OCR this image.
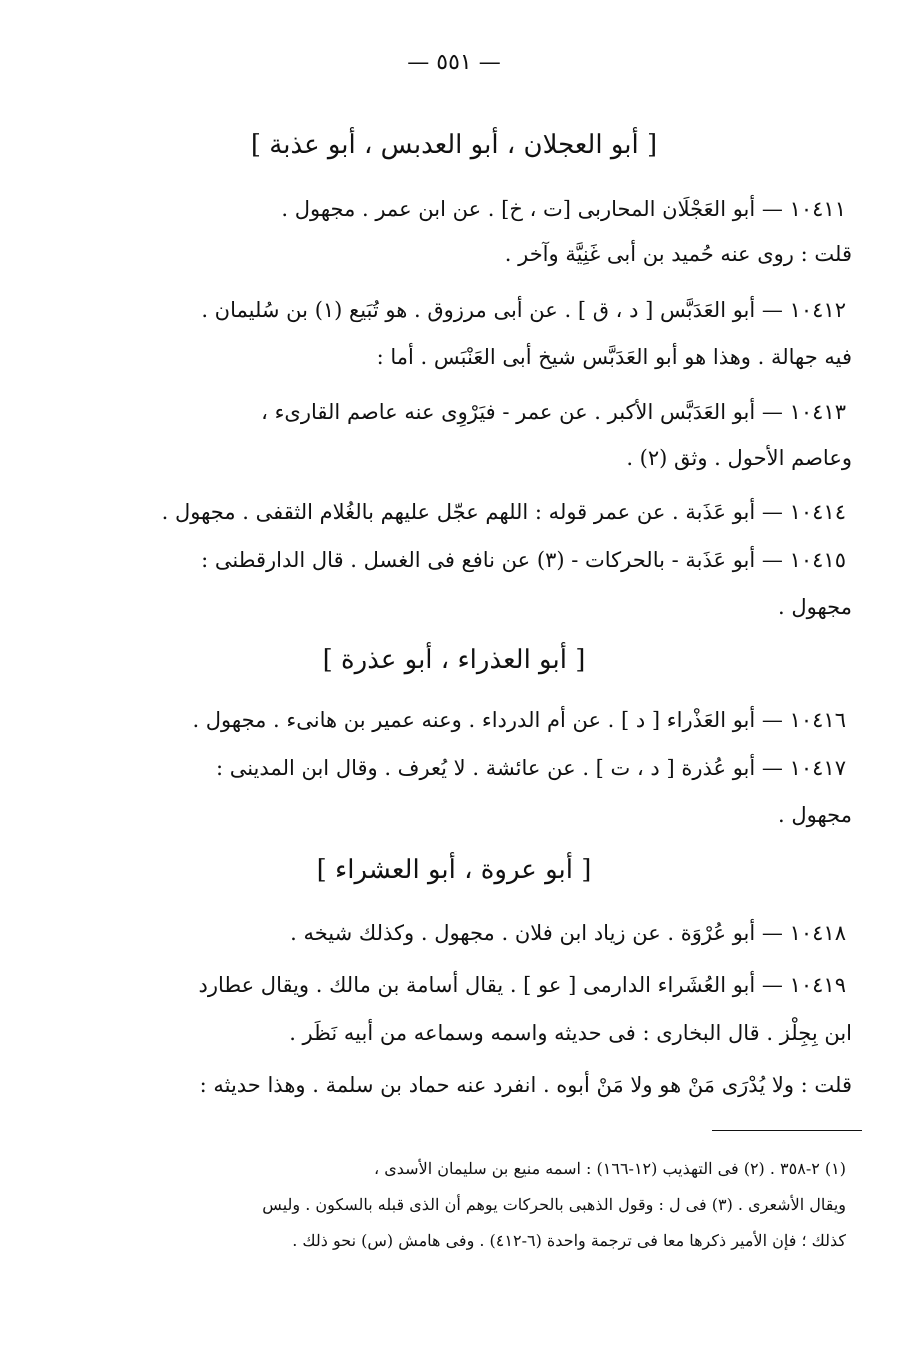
— ٥٥١ —
[ أبو العجلان ، أبو العدبس ، أبو عذبة ]
١٠٤١١ — أبو العَجْلَان المحاربى [ت ، خ] . عن ابن عمر . مجهول .
قلت : روى عنه حُميد بن أبى غَنِيَّة وآخر .
١٠٤١٢ — أبو العَدَبَّس [ د ، ق ] . عن أبى مرزوق . هو تُبَيع (١) بن سُليمان .
فيه جهالة . وهذا هو أبو العَدَبَّس شيخ أبى العَنْبَس . أما :
١٠٤١٣ — أبو العَدَبَّس الأكبر . عن عمر - فيَرْوِى عنه عاصم القارىء ،
وعاصم الأحول . وثق (٢) .
١٠٤١٤ — أبو عَذَبة . عن عمر قوله : اللهم عجّل عليهم بالغُلام الثقفى . مجهول .
١٠٤١٥ — أبو عَذَبة - بالحركات - (٣) عن نافع فى الغسل . قال الدارقطنى :
مجهول .
[ أبو العذراء ، أبو عذرة ]
١٠٤١٦ — أبو العَذْراء [ د ] . عن أم الدرداء . وعنه عمير بن هانىء . مجهول .
١٠٤١٧ — أبو عُذرة [ د ، ت ] . عن عائشة . لا يُعرف . وقال ابن المدينى :
مجهول .
[ أبو عروة ، أبو العشراء ]
١٠٤١٨ — أبو عُرْوَة . عن زياد ابن فلان . مجهول . وكذلك شيخه .
١٠٤١٩ — أبو العُشَراء الدارمى [ عو ] . يقال أسامة بن مالك . ويقال عطارد
ابن بِجِلْز . قال البخارى : فى حديثه واسمه وسماعه من أبيه نَظَر .
قلت : ولا يُدْرَى مَنْ هو ولا مَنْ أبوه . انفرد عنه حماد بن سلمة . وهذا حديثه :
(١) ٢-٣٥٨ . (٢) فى التهذيب (١٢-١٦٦) : اسمه منيع بن سليمان الأسدى ،
ويقال الأشعرى . (٣) فى ل : وقول الذهبى بالحركات يوهم أن الذى قبله بالسكون . وليس
كذلك ؛ فإن الأمير ذكرها معا فى ترجمة واحدة (٦-٤١٢) . وفى هامش (س) نحو ذلك .
